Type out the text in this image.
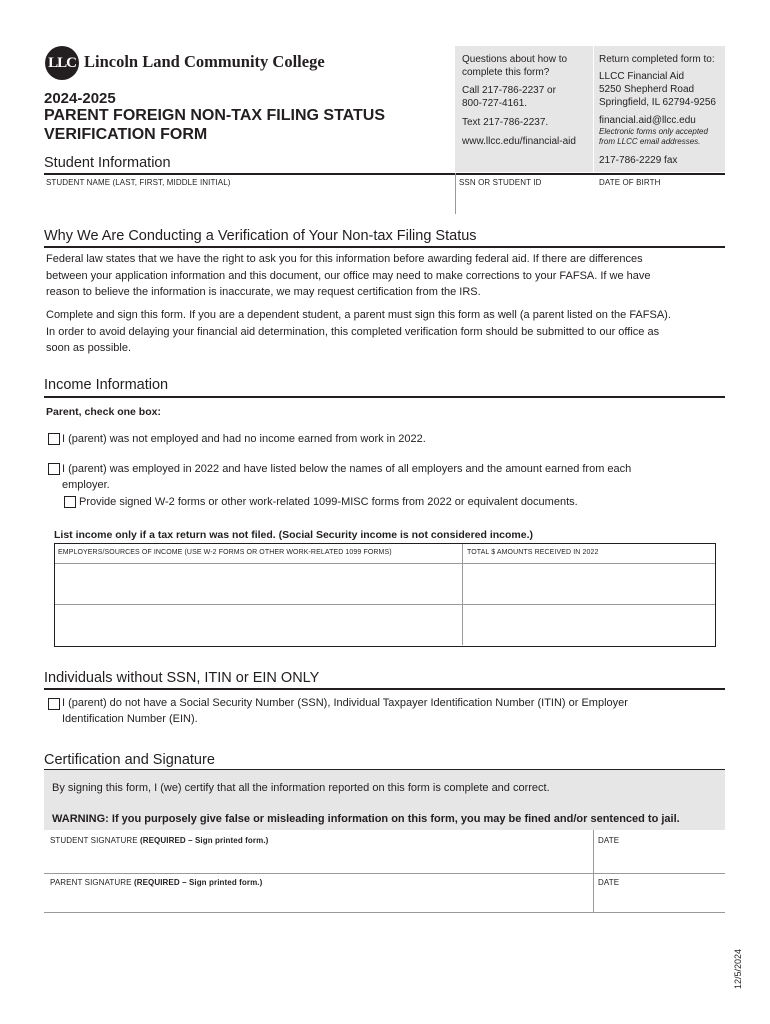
LLC Lincoln Land Community College
2024-2025
PARENT FOREIGN NON-TAX FILING STATUS
VERIFICATION FORM
Questions about how to
complete this form?
Call 217-786-2237 or
800-727-4161.
Text 217-786-2237.
www.llcc.edu/financial-aid
Return completed form to:
LLCC Financial Aid
5250 Shepherd Road
Springfield, IL 62794-9256
financial.aid@llcc.edu
Electronic forms only accepted
from LLCC email addresses.
217-786-2229 fax
Student Information
STUDENT NAME (LAST, FIRST, MIDDLE INITIAL)	SSN OR STUDENT ID	DATE OF BIRTH
Why We Are Conducting a Verification of Your Non-tax Filing Status
Federal law states that we have the right to ask you for this information before awarding federal aid. If there are differences
between your application information and this document, our office may need to make corrections to your FAFSA. If we have
reason to believe the information is inaccurate, we may request certification from the IRS.
Complete and sign this form. If you are a dependent student, a parent must sign this form as well (a parent listed on the FAFSA).
In order to avoid delaying your financial aid determination, this completed verification form should be submitted to our office as
soon as possible.
Income Information
Parent, check one box:
I (parent) was not employed and had no income earned from work in 2022.
I (parent) was employed in 2022 and have listed below the names of all employers and the amount earned from each
employer.
Provide signed W-2 forms or other work-related 1099-MISC forms from 2022 or equivalent documents.
List income only if a tax return was not filed. (Social Security income is not considered income.)
EMPLOYERS/SOURCES OF INCOME (USE W-2 FORMS OR OTHER WORK-RELATED 1099 FORMS)	TOTAL $ AMOUNTS RECEIVED IN 2022
Individuals without SSN, ITIN or EIN ONLY
I (parent) do not have a Social Security Number (SSN), Individual Taxpayer Identification Number (ITIN) or Employer
Identification Number (EIN).
Certification and Signature
By signing this form, I (we) certify that all the information reported on this form is complete and correct.
WARNING: If you purposely give false or misleading information on this form, you may be fined and/or sentenced to jail.
STUDENT SIGNATURE (REQUIRED – Sign printed form.)	DATE
PARENT SIGNATURE (REQUIRED – Sign printed form.)	DATE
12/5/2024
